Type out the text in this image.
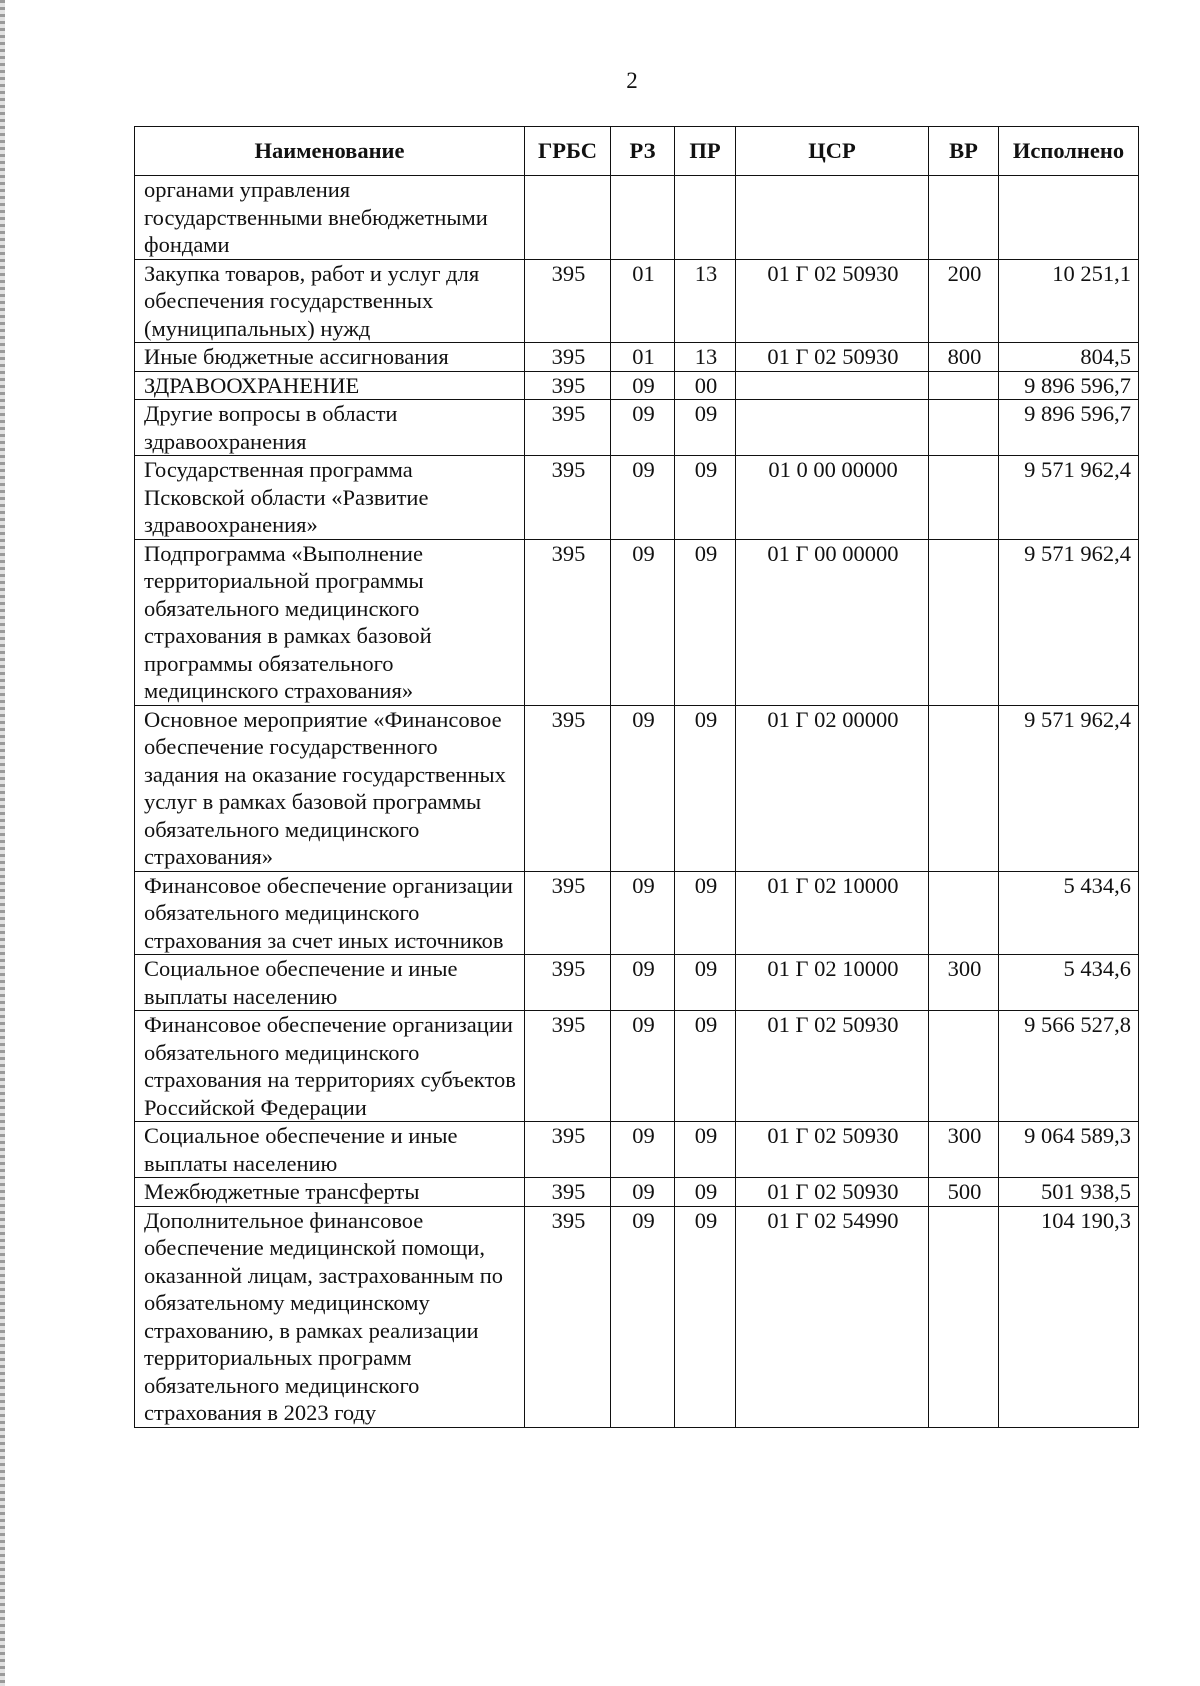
2
Наименование	ГРБС	РЗ	ПР	ЦСР	ВР	Исполнено
органами управления государственными внебюджетными фондами						
Закупка товаров, работ и услуг для обеспечения государственных (муниципальных) нужд	395	01	13	01 Г 02 50930	200	10 251,1
Иные бюджетные ассигнования	395	01	13	01 Г 02 50930	800	804,5
ЗДРАВООХРАНЕНИЕ	395	09	00			9 896 596,7
Другие вопросы в области здравоохранения	395	09	09			9 896 596,7
Государственная программа Псковской области «Развитие здравоохранения»	395	09	09	01 0 00 00000		9 571 962,4
Подпрограмма «Выполнение территориальной программы обязательного медицинского страхования в рамках базовой программы обязательного медицинского страхования»	395	09	09	01 Г 00 00000		9 571 962,4
Основное мероприятие «Финансовое обеспечение государственного задания на оказание государственных услуг в рамках базовой программы обязательного медицинского страхования»	395	09	09	01 Г 02 00000		9 571 962,4
Финансовое обеспечение организации обязательного медицинского страхования за счет иных источников	395	09	09	01 Г 02 10000		5 434,6
Социальное обеспечение и иные выплаты населению	395	09	09	01 Г 02 10000	300	5 434,6
Финансовое обеспечение организации обязательного медицинского страхования на территориях субъектов Российской Федерации	395	09	09	01 Г 02 50930		9 566 527,8
Социальное обеспечение и иные выплаты населению	395	09	09	01 Г 02 50930	300	9 064 589,3
Межбюджетные трансферты	395	09	09	01 Г 02 50930	500	501 938,5
Дополнительное финансовое обеспечение медицинской помощи, оказанной лицам, застрахованным по обязательному медицинскому страхованию, в рамках реализации территориальных программ обязательного медицинского страхования в 2023 году	395	09	09	01 Г 02 54990		104 190,3
